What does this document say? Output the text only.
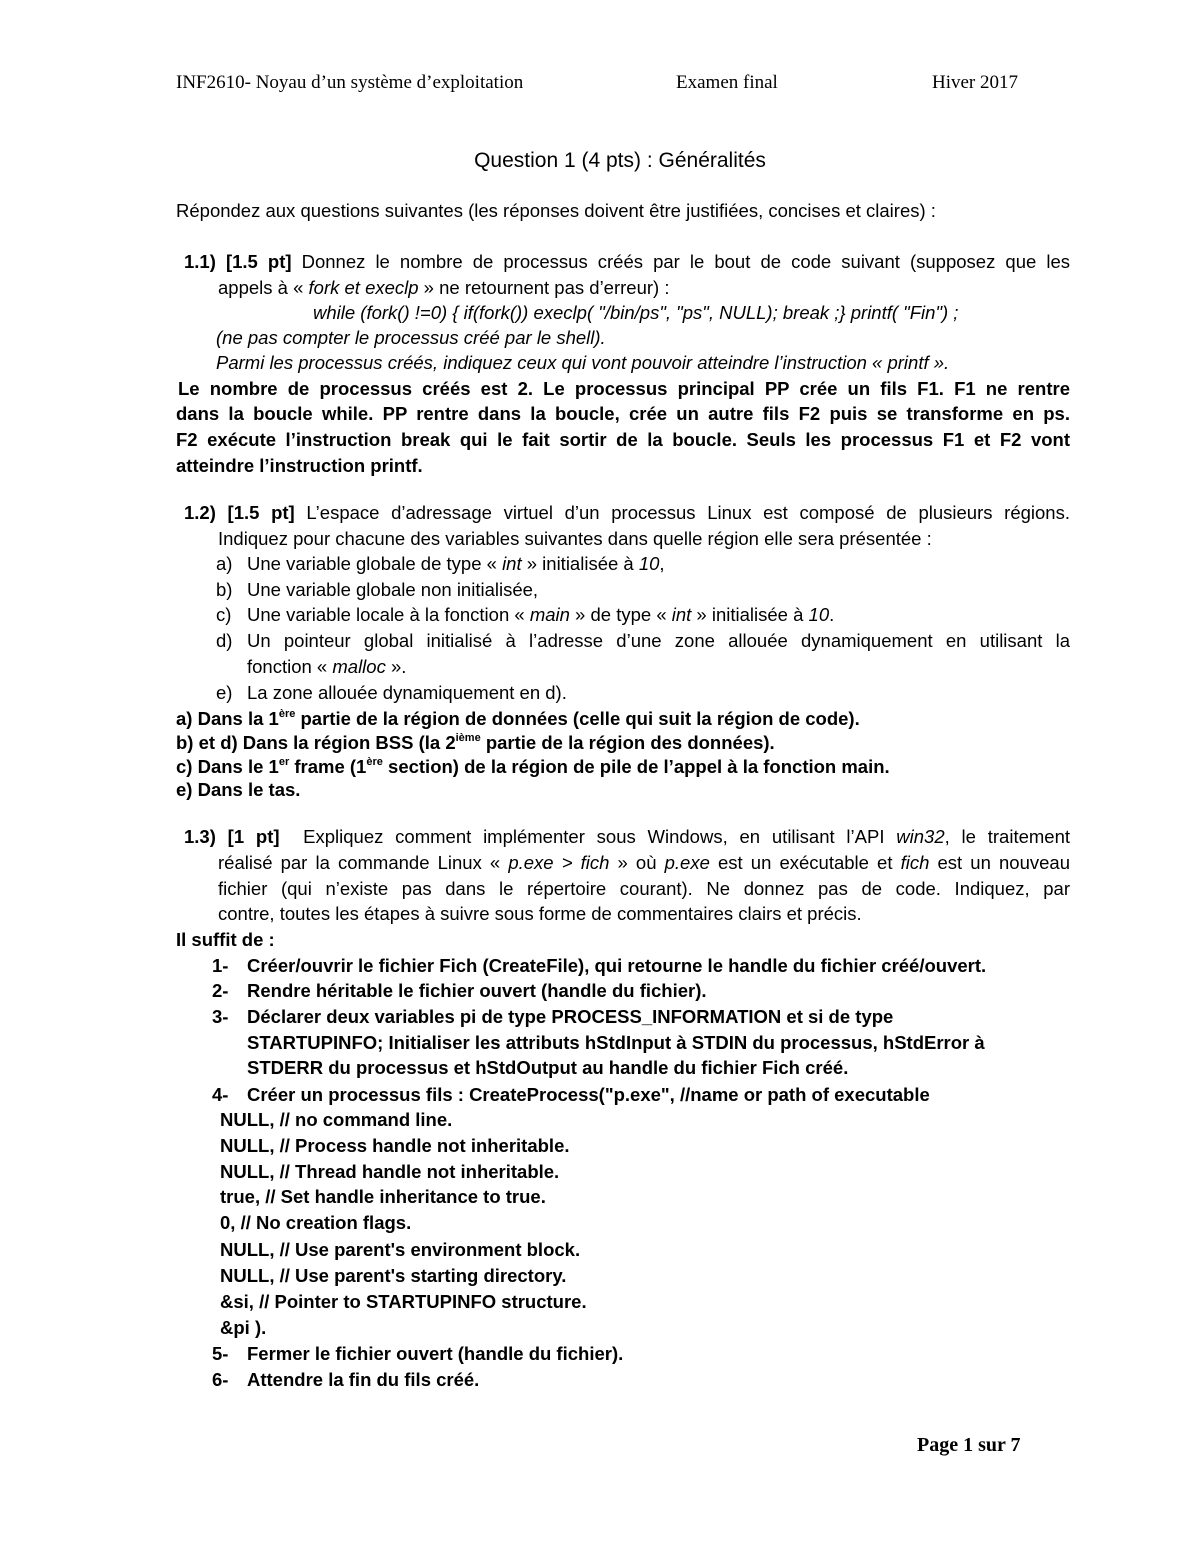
INF2610- Noyau d’un système d’exploitation	Examen final	Hiver 2017
Question 1 (4 pts) : Généralités
Répondez aux questions suivantes (les réponses doivent être justifiées, concises et claires) :
1.1) [1.5 pt] Donnez le nombre de processus créés par le bout de code suivant (supposez que les
appels à « fork et execlp » ne retournent pas d’erreur) :
while (fork() !=0) { if(fork()) execlp( "/bin/ps", "ps", NULL); break ;} printf( "Fin") ;
(ne pas compter le processus créé par le shell).
Parmi les processus créés, indiquez ceux qui vont pouvoir atteindre l’instruction « printf ».
Le nombre de processus créés est 2. Le processus principal PP crée un fils F1. F1 ne rentre
dans la boucle while. PP rentre dans la boucle, crée un autre fils F2 puis se transforme en ps.
F2 exécute l’instruction break qui le fait sortir de la boucle. Seuls les processus F1 et F2 vont
atteindre l’instruction printf.
1.2) [1.5 pt] L’espace d’adressage virtuel d’un processus Linux est composé de plusieurs régions.
Indiquez pour chacune des variables suivantes dans quelle région elle sera présentée :
a) Une variable globale de type « int » initialisée à 10,
b) Une variable globale non initialisée,
c) Une variable locale à la fonction « main » de type « int » initialisée à 10.
d) Un pointeur global initialisé à l’adresse d’une zone allouée dynamiquement en utilisant la
fonction « malloc ».
e) La zone allouée dynamiquement en d).
a) Dans la 1ère partie de la région de données (celle qui suit la région de code).
b) et d) Dans la région BSS (la 2ième partie de la région des données).
c) Dans le 1er frame (1ère section) de la région de pile de l’appel à la fonction main.
e) Dans le tas.
1.3) [1 pt] Expliquez comment implémenter sous Windows, en utilisant l’API win32, le traitement
réalisé par la commande Linux « p.exe > fich » où p.exe est un exécutable et fich est un nouveau
fichier (qui n’existe pas dans le répertoire courant). Ne donnez pas de code. Indiquez, par
contre, toutes les étapes à suivre sous forme de commentaires clairs et précis.
Il suffit de :
1- Créer/ouvrir le fichier Fich (CreateFile), qui retourne le handle du fichier créé/ouvert.
2- Rendre héritable le fichier ouvert (handle du fichier).
3- Déclarer deux variables pi de type PROCESS_INFORMATION et si de type
STARTUPINFO; Initialiser les attributs hStdInput à STDIN du processus, hStdError à
STDERR du processus et hStdOutput au handle du fichier Fich créé.
4- Créer un processus fils : CreateProcess("p.exe", //name or path of executable
NULL, // no command line.
NULL, // Process handle not inheritable.
NULL, // Thread handle not inheritable.
true, // Set handle inheritance to true.
0, // No creation flags.
NULL, // Use parent's environment block.
NULL, // Use parent's starting directory.
&si, // Pointer to STARTUPINFO structure.
&pi ).
5- Fermer le fichier ouvert (handle du fichier).
6- Attendre la fin du fils créé.
Page 1 sur 7
